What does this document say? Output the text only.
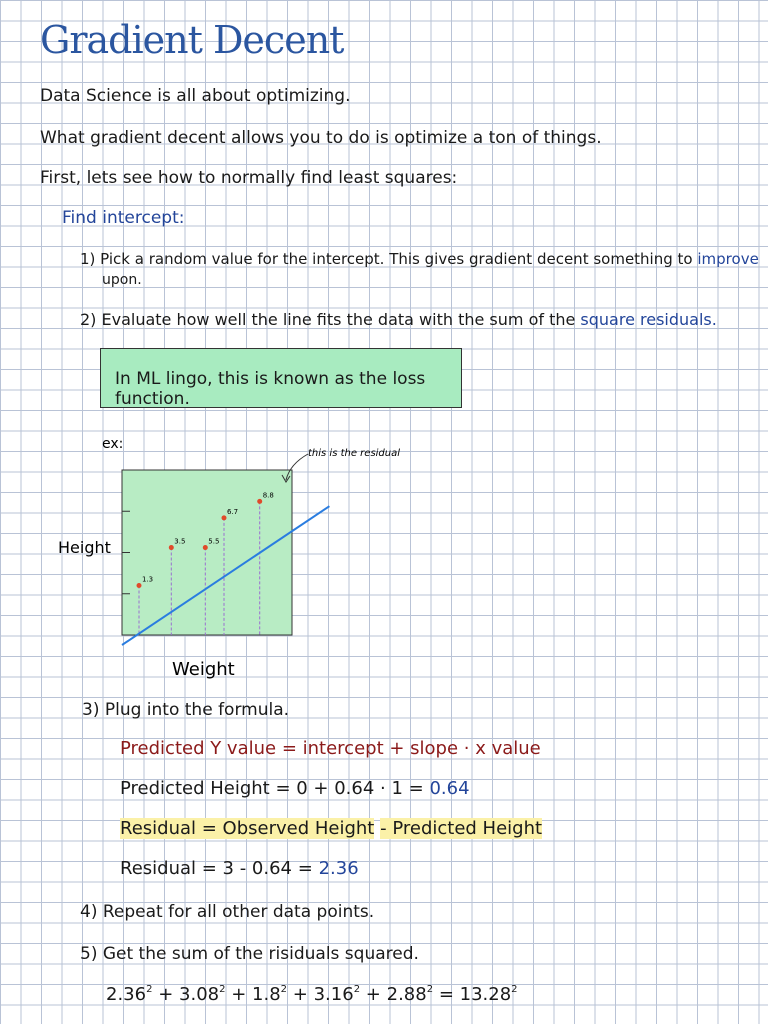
Gradient Decent
Data Science is all about optimizing.
What gradient decent allows you to do is optimize a ton of things.
First, lets see how to normally find least squares:
Find intercept:
1) Pick a random value for the intercept. This gives gradient decent something to improve
upon.
2) Evaluate how well the line fits the data with the sum of the square residuals.
In ML lingo, this is known as the loss function.
1.3
3.5	5.5
6.7
8.8
ex:
Height
Weight
this is the residual
3) Plug into the formula.
Predicted Y value = intercept + slope · x value
Predicted Height = 0 + 0.64 · 1 = 0.64
Residual = Observed Height - Predicted Height
Residual = 3 - 0.64 = 2.36
4) Repeat for all other data points.
5) Get the sum of the risiduals squared.
$2.36^2 + 3.08^2 + 1.8^2 + 3.16^2 + 2.88^2 = 13.28^2$
